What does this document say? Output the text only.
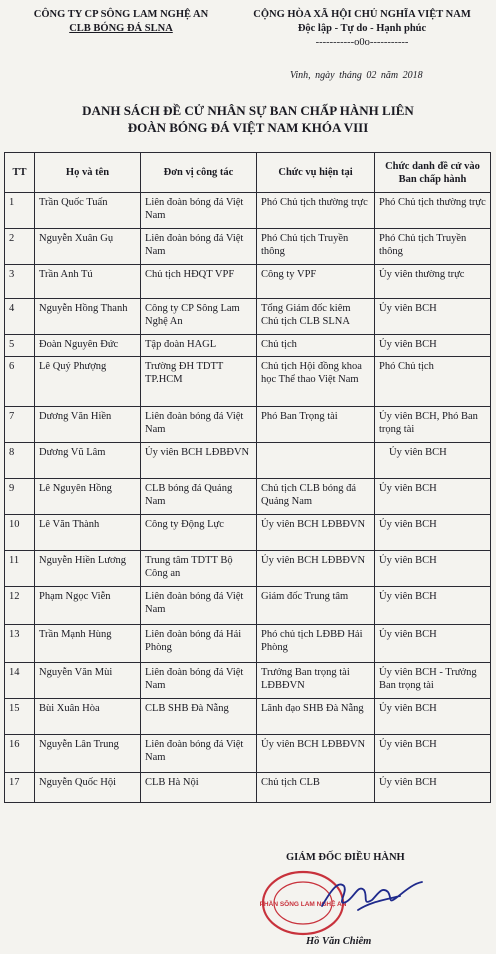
CÔNG TY CP SÔNG LAM NGHỆ AN
CLB BÓNG ĐÁ SLNA
CỘNG HÒA XÃ HỘI CHỦ NGHĨA VIỆT NAM
Độc lập - Tự do - Hạnh phúc
-----------o0o-----------
Vinh, ngày tháng 02 năm 2018
DANH SÁCH ĐỀ CỬ NHÂN SỰ BAN CHẤP HÀNH LIÊN
ĐOÀN BÓNG ĐÁ VIỆT NAM KHÓA VIII
TT	Họ và tên	Đơn vị công tác	Chức vụ hiện tại	Chức danh đề cử vào Ban chấp hành
1	Trần Quốc Tuấn	Liên đoàn bóng đá Việt Nam	Phó Chủ tịch thường trực	Phó Chủ tịch thường trực
2	Nguyễn Xuân Gụ	Liên đoàn bóng đá Việt Nam	Phó Chủ tịch Truyền thông	Phó Chủ tịch Truyền thông
3	Trần Anh Tú	Chủ tịch HĐQT VPF	Công ty VPF	Ủy viên thường trực
4	Nguyễn Hồng Thanh	Công ty CP Sông Lam Nghệ An	Tổng Giám đốc kiêm Chủ tịch CLB SLNA	Ủy viên BCH
5	Đoàn Nguyên Đức	Tập đoàn HAGL	Chủ tịch	Ủy viên BCH
6	Lê Quý Phượng	Trường ĐH TDTT TP.HCM	Chủ tịch Hội đồng khoa học Thể thao Việt Nam	Phó Chủ tịch
7	Dương Văn Hiền	Liên đoàn bóng đá Việt Nam	Phó Ban Trọng tài	Ủy viên BCH, Phó Ban trọng tài
8	Dương Vũ Lâm	Ủy viên BCH LĐBĐVN		Ủy viên BCH
9	Lê Nguyên Hồng	CLB bóng đá Quảng Nam	Chủ tịch CLB bóng đá Quảng Nam	Ủy viên BCH
10	Lê Văn Thành	Công ty Động Lực	Ủy viên BCH LĐBĐVN	Ủy viên BCH
11	Nguyễn Hiền Lương	Trung tâm TDTT Bộ Công an	Ủy viên BCH LĐBĐVN	Ủy viên BCH
12	Phạm Ngọc Viễn	Liên đoàn bóng đá Việt Nam	Giám đốc Trung tâm	Ủy viên BCH
13	Trần Mạnh Hùng	Liên đoàn bóng đá Hải Phòng	Phó chủ tịch LĐBĐ Hải Phòng	Ủy viên BCH
14	Nguyễn Văn Mùi	Liên đoàn bóng đá Việt Nam	Trưởng Ban trọng tài LĐBĐVN	Ủy viên BCH - Trưởng Ban trọng tài
15	Bùi Xuân Hòa	CLB SHB Đà Nẵng	Lãnh đạo SHB Đà Nẵng	Ủy viên BCH
16	Nguyễn Lân Trung	Liên đoàn bóng đá Việt Nam	Ủy viên BCH LĐBĐVN	Ủy viên BCH
17	Nguyễn Quốc Hội	CLB Hà Nội	Chủ tịch CLB	Ủy viên BCH
GIÁM ĐỐC ĐIỀU HÀNH
PHẦN SÔNG LAM NGHỆ AN
Hồ Văn Chiêm
